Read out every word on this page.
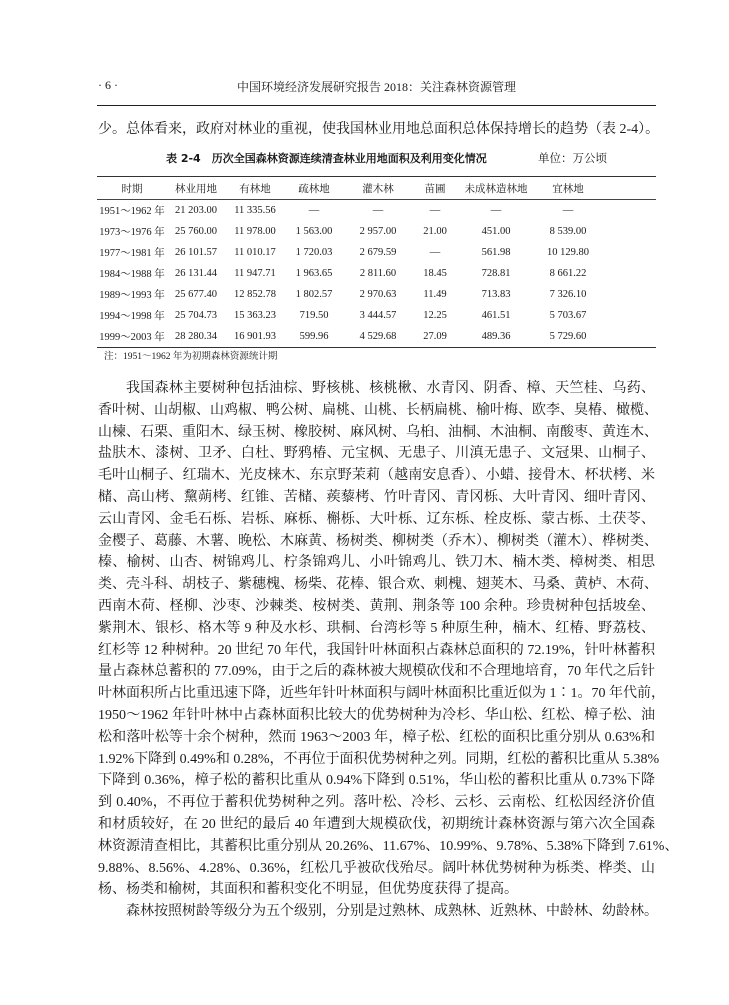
· 6 ·	中国环境经济发展研究报告 2018：关注森林资源管理
少。总体看来，政府对林业的重视，使我国林业用地总面积总体保持增长的趋势（表 2-4）。
表 2-4　历次全国森林资源连续清查林业用地面积及利用变化情况	单位：万公顷
时期	林业用地	有林地	疏林地	灌木林	苗圃	未成林造林地	宜林地
1951～1962 年 21 203.00	11 335.56	—	—	—	—	—
1973～1976 年 25 760.00	11 978.00	1 563.00	2 957.00	21.00	451.00	8 539.00
1977～1981 年 26 101.57	11 010.17	1 720.03	2 679.59	—	561.98	10 129.80
1984～1988 年 26 131.44	11 947.71	1 963.65	2 811.60	18.45	728.81	8 661.22
1989～1993 年 25 677.40	12 852.78	1 802.57	2 970.63	11.49	713.83	7 326.10
1994～1998 年 25 704.73	15 363.23	719.50	3 444.57	12.25	461.51	5 703.67
1999～2003 年 28 280.34	16 901.93	599.96	4 529.68	27.09	489.36	5 729.60
注：1951～1962 年为初期森林资源统计期
我国森林主要树种包括油棕、野核桃、核桃楸、水青冈、阴香、樟、天竺桂、乌药、
香叶树、山胡椒、山鸡椒、鸭公树、扁桃、山桃、长柄扁桃、榆叶梅、欧李、臭椿、橄榄、
山楝、石栗、重阳木、绿玉树、橡胶树、麻风树、乌桕、油桐、木油桐、南酸枣、黄连木、
盐肤木、漆树、卫矛、白杜、野鸦椿、元宝枫、无患子、川滇无患子、文冠果、山桐子、
毛叶山桐子、红瑞木、光皮梾木、东京野茉莉（越南安息香）、小蜡、接骨木、杯状栲、米
槠、高山栲、黧蒴栲、红锥、苦槠、蒺藜栲、竹叶青冈、青冈栎、大叶青冈、细叶青冈、
云山青冈、金毛石栎、岩栎、麻栎、槲栎、大叶栎、辽东栎、栓皮栎、蒙古栎、土茯苓、
金樱子、葛藤、木薯、晚松、木麻黄、杨树类、柳树类（乔木）、柳树类（灌木）、桦树类、
榛、榆树、山杏、树锦鸡儿、柠条锦鸡儿、小叶锦鸡儿、铁刀木、楠木类、樟树类、相思
类、壳斗科、胡枝子、紫穗槐、杨柴、花棒、银合欢、刺槐、翅荚木、马桑、黄栌、木荷、
西南木荷、柽柳、沙枣、沙棘类、桉树类、黄荆、荆条等 100 余种。珍贵树种包括坡垒、
紫荆木、银杉、格木等 9 种及水杉、珙桐、台湾杉等 5 种原生种，楠木、红椿、野荔枝、
红杉等 12 种树种。20 世纪 70 年代，我国针叶林面积占森林总面积的 72.19%，针叶林蓄积
量占森林总蓄积的 77.09%，由于之后的森林被大规模砍伐和不合理地培育，70 年代之后针
叶林面积所占比重迅速下降，近些年针叶林面积与阔叶林面积比重近似为 1∶1。70 年代前，
1950～1962 年针叶林中占森林面积比较大的优势树种为冷杉、华山松、红松、樟子松、油
松和落叶松等十余个树种，然而 1963～2003 年，樟子松、红松的面积比重分别从 0.63%和
1.92%下降到 0.49%和 0.28%，不再位于面积优势树种之列。同期，红松的蓄积比重从 5.38%
下降到 0.36%，樟子松的蓄积比重从 0.94%下降到 0.51%，华山松的蓄积比重从 0.73%下降
到 0.40%，不再位于蓄积优势树种之列。落叶松、冷杉、云杉、云南松、红松因经济价值
和材质较好，在 20 世纪的最后 40 年遭到大规模砍伐，初期统计森林资源与第六次全国森
林资源清查相比，其蓄积比重分别从 20.26%、11.67%、10.99%、9.78%、5.38%下降到 7.61%、
9.88%、8.56%、4.28%、0.36%，红松几乎被砍伐殆尽。阔叶林优势树种为栎类、桦类、山
杨、杨类和榆树，其面积和蓄积变化不明显，但优势度获得了提高。
森林按照树龄等级分为五个级别，分别是过熟林、成熟林、近熟林、中龄林、幼龄林。
